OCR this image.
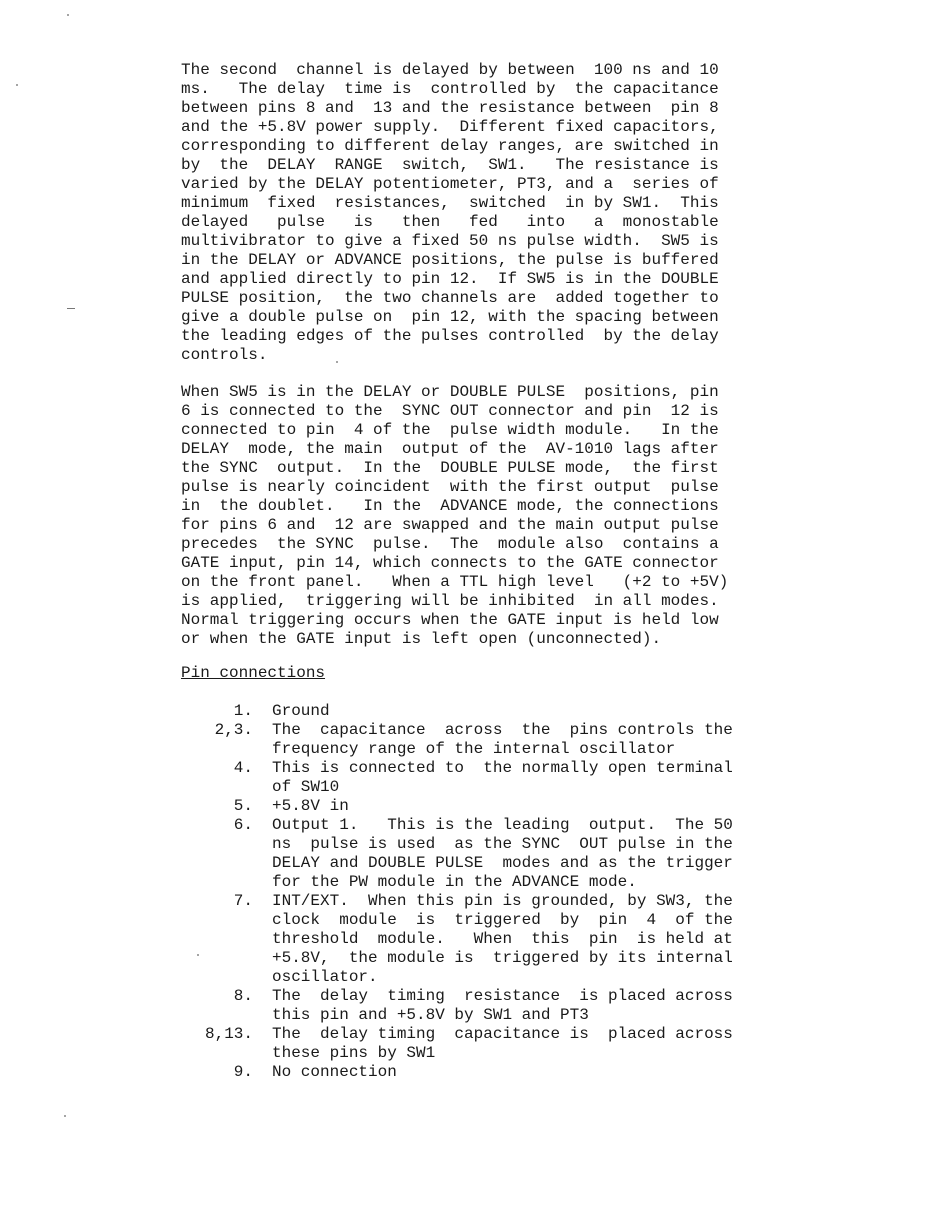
The second  channel is delayed by between  100 ns and 10
ms.   The delay  time is  controlled by  the capacitance
between pins 8 and  13 and the resistance between  pin 8
and the +5.8V power supply.  Different fixed capacitors,
corresponding to different delay ranges, are switched in
by  the  DELAY  RANGE  switch,  SW1.   The resistance is
varied by the DELAY potentiometer, PT3, and a  series of
minimum  fixed  resistances,  switched  in by SW1.  This
delayed   pulse   is   then   fed   into   a  monostable
multivibrator to give a fixed 50 ns pulse width.  SW5 is
in the DELAY or ADVANCE positions, the pulse is buffered
and applied directly to pin 12.  If SW5 is in the DOUBLE
PULSE position,  the two channels are  added together to
give a double pulse on  pin 12, with the spacing between
the leading edges of the pulses controlled  by the delay
controls.
When SW5 is in the DELAY or DOUBLE PULSE  positions, pin
6 is connected to the  SYNC OUT connector and pin  12 is
connected to pin  4 of the  pulse width module.   In the
DELAY  mode, the main  output of the  AV-1010 lags after
the SYNC  output.  In the  DOUBLE PULSE mode,  the first
pulse is nearly coincident  with the first output  pulse
in  the doublet.   In the  ADVANCE mode, the connections
for pins 6 and  12 are swapped and the main output pulse
precedes  the SYNC  pulse.  The  module also  contains a
GATE input, pin 14, which connects to the GATE connector
on the front panel.   When a TTL high level   (+2 to +5V)
is applied,  triggering will be inhibited  in all modes.
Normal triggering occurs when the GATE input is held low
or when the GATE input is left open (unconnected).
Pin connections
1.	Ground
2,3.	The  capacitance  across  the  pins controls the
frequency range of the internal oscillator
4.	This is connected to  the normally open terminal
of SW10
5.	+5.8V in
6.	Output 1.   This is the leading  output.  The 50
ns  pulse is used  as the SYNC  OUT pulse in the
DELAY and DOUBLE PULSE  modes and as the trigger
for the PW module in the ADVANCE mode.
7.	INT/EXT.  When this pin is grounded, by SW3, the
clock  module  is  triggered  by  pin  4  of the
threshold  module.   When  this  pin  is held at
+5.8V,  the module is  triggered by its internal
oscillator.
8.	The  delay  timing  resistance  is placed across
this pin and +5.8V by SW1 and PT3
8,13.	The  delay timing  capacitance is  placed across
these pins by SW1
9.	No connection
